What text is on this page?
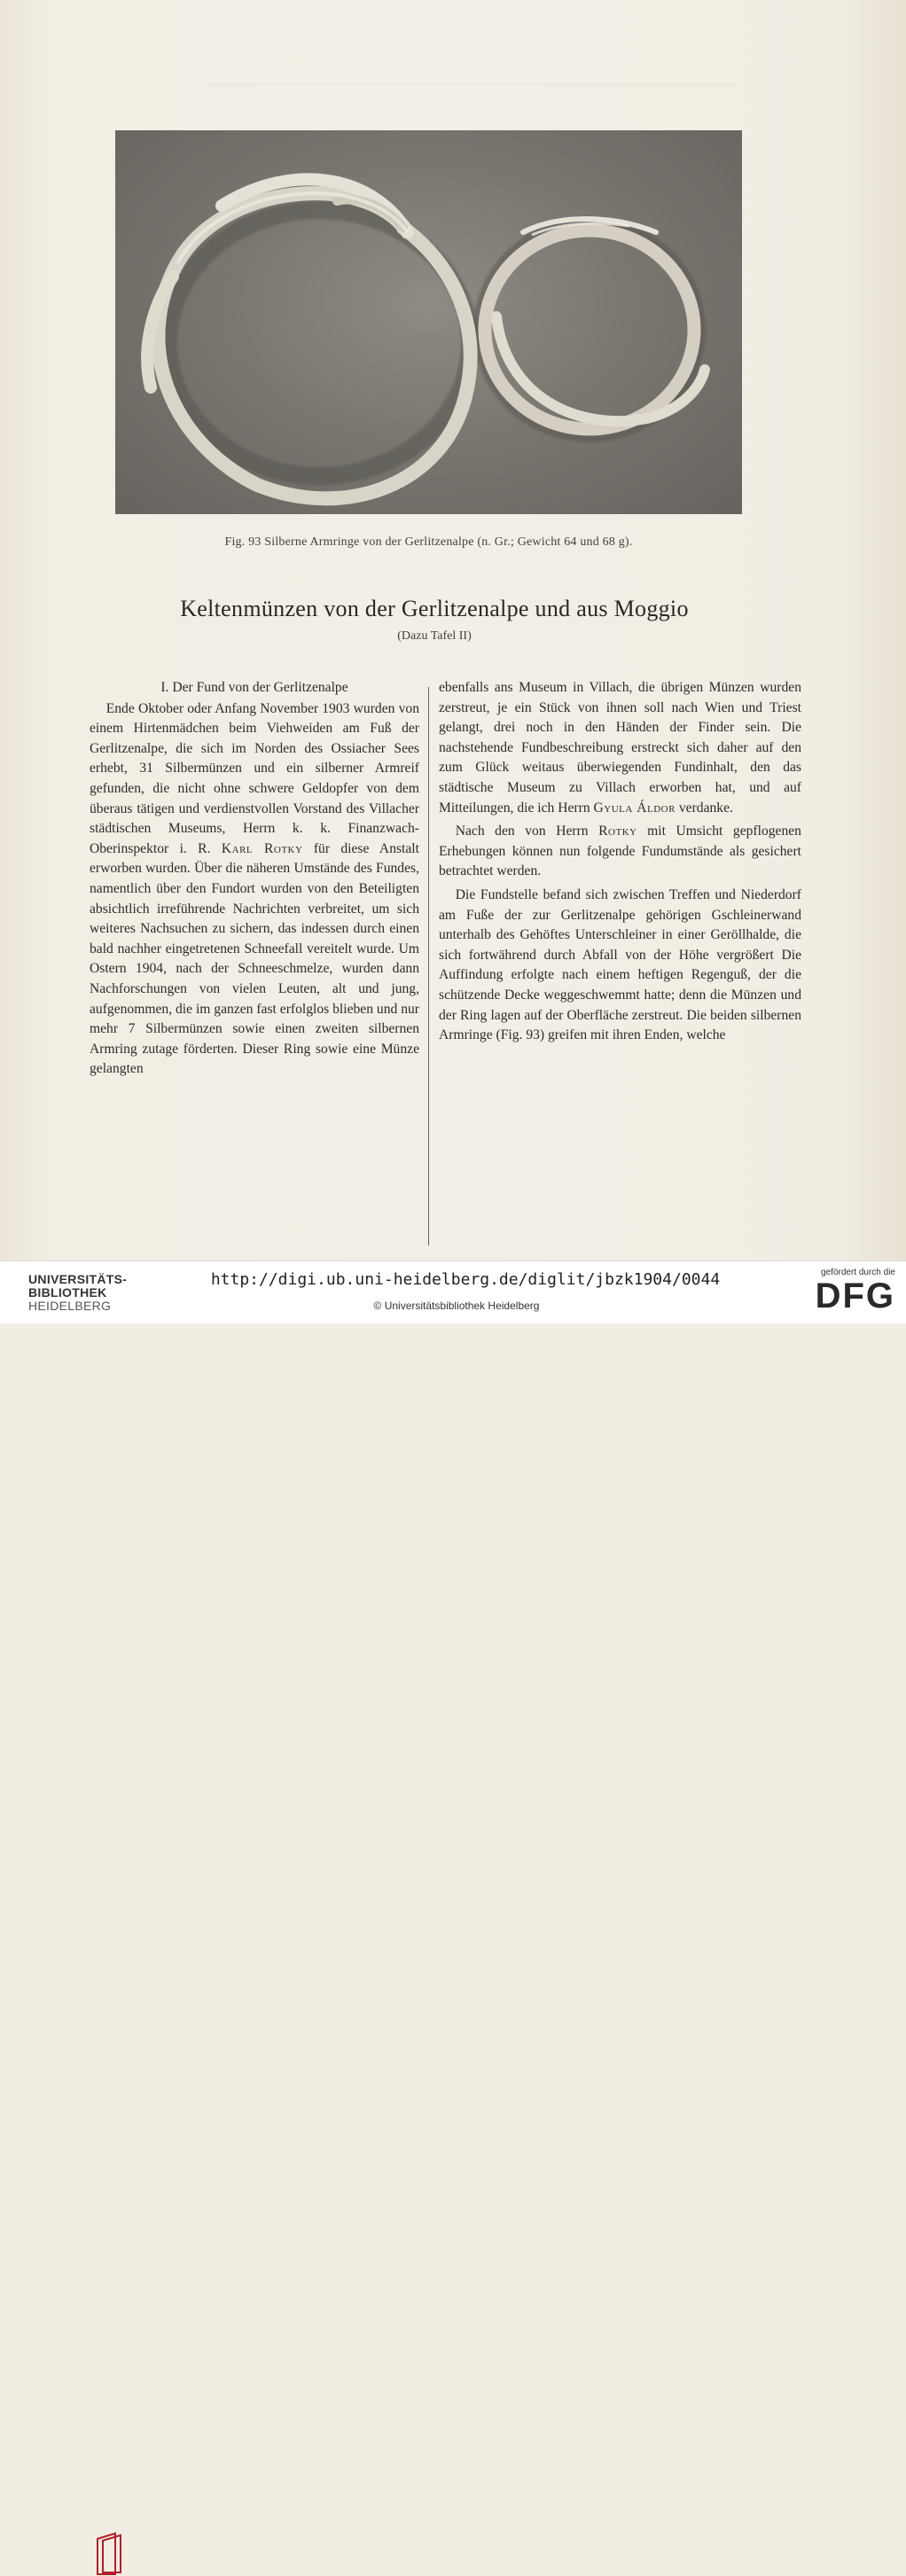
Fig. 93 Silberne Armringe von der Gerlitzenalpe (n. Gr.; Gewicht 64 und 68 g).
Keltenmünzen von der Gerlitzenalpe und aus Moggio
(Dazu Tafel II)
I. Der Fund von der Gerlitzenalpe

Ende Oktober oder Anfang November 1903 wurden von einem Hirtenmädchen beim Viehweiden am Fuß der Gerlitzenalpe, die sich im Norden des Ossiacher Sees erhebt, 31 Silbermünzen und ein silberner Armreif gefunden, die nicht ohne schwere Geldopfer von dem überaus tätigen und verdienstvollen Vorstand des Villacher städtischen Museums, Herrn k. k. Finanzwach-Oberinspektor i. R. Karl Rotky für diese Anstalt erworben wurden. Über die näheren Umstände des Fundes, namentlich über den Fundort wurden von den Beteiligten absichtlich irreführende Nachrichten verbreitet, um sich weiteres Nachsuchen zu sichern, das indessen durch einen bald nachher eingetretenen Schneefall vereitelt wurde. Um Ostern 1904, nach der Schneeschmelze, wurden dann Nachforschungen von vielen Leuten, alt und jung, aufgenommen, die im ganzen fast erfolglos blieben und nur mehr 7 Silbermünzen sowie einen zweiten silbernen Armring zutage förderten. Dieser Ring sowie eine Münze gelangten

ebenfalls ans Museum in Villach, die übrigen Münzen wurden zerstreut, je ein Stück von ihnen soll nach Wien und Triest gelangt, drei noch in den Händen der Finder sein. Die nachstehende Fundbeschreibung erstreckt sich daher auf den zum Glück weitaus überwiegenden Fundinhalt, den das städtische Museum zu Villach erworben hat, und auf Mitteilungen, die ich Herrn Gyula Áldor verdanke.

Nach den von Herrn Rotky mit Umsicht gepflogenen Erhebungen können nun folgende Fundumstände als gesichert betrachtet werden.

Die Fundstelle befand sich zwischen Treffen und Niederdorf am Fuße der zur Gerlitzenalpe gehörigen Gschleinerwand unterhalb des Gehöftes Unterschleiner in einer Geröllhalde, die sich fortwährend durch Abfall von der Höhe vergrößert Die Auffindung erfolgte nach einem heftigen Regenguß, der die schützende Decke weggeschwemmt hatte; denn die Münzen und der Ring lagen auf der Oberfläche zerstreut. Die beiden silbernen Armringe (Fig. 93) greifen mit ihren Enden, welche

UNIVERSITÄTS-
BIBLIOTHEK
HEIDELBERG
http://digi.ub.uni-heidelberg.de/diglit/jbzk1904/0044
© Universitätsbibliothek Heidelberg
gefördert durch die
DFG
